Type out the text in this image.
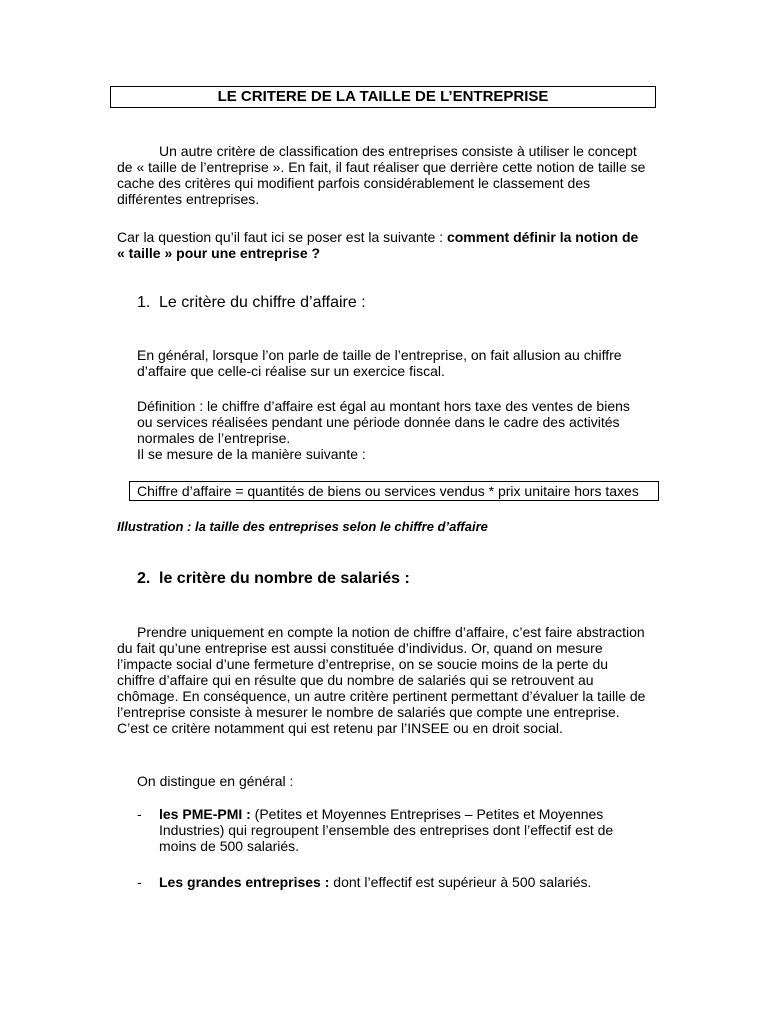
LE CRITERE DE LA TAILLE DE L’ENTREPRISE
Un autre critère de classification des entreprises consiste à utiliser le concept
de « taille de l’entreprise ». En fait, il faut réaliser que derrière cette notion de taille se
cache des critères qui modifient parfois considérablement le classement des
différentes entreprises.
Car la question qu’il faut ici se poser est la suivante : comment définir la notion de
« taille » pour une entreprise ?
1. Le critère du chiffre d’affaire :
En général, lorsque l’on parle de taille de l’entreprise, on fait allusion au chiffre
d’affaire que celle-ci réalise sur un exercice fiscal.
Définition : le chiffre d’affaire est égal au montant hors taxe des ventes de biens
ou services réalisées pendant une période donnée dans le cadre des activités
normales de l’entreprise.
Il se mesure de la manière suivante :
Chiffre d’affaire = quantités de biens ou services vendus * prix unitaire hors taxes
Illustration : la taille des entreprises selon le chiffre d’affaire
2. le critère du nombre de salariés :
Prendre uniquement en compte la notion de chiffre d’affaire, c’est faire abstraction
du fait qu’une entreprise est aussi constituée d’individus. Or, quand on mesure
l’impacte social d’une fermeture d’entreprise, on se soucie moins de la perte du
chiffre d’affaire qui en résulte que du nombre de salariés qui se retrouvent au
chômage. En conséquence, un autre critère pertinent permettant d’évaluer la taille de
l’entreprise consiste à mesurer le nombre de salariés que compte une entreprise.
C’est ce critère notamment qui est retenu par l’INSEE ou en droit social.
On distingue en général :
- les PME-PMI : (Petites et Moyennes Entreprises – Petites et Moyennes
Industries) qui regroupent l’ensemble des entreprises dont l’effectif est de
moins de 500 salariés.
- Les grandes entreprises : dont l’effectif est supérieur à 500 salariés.
